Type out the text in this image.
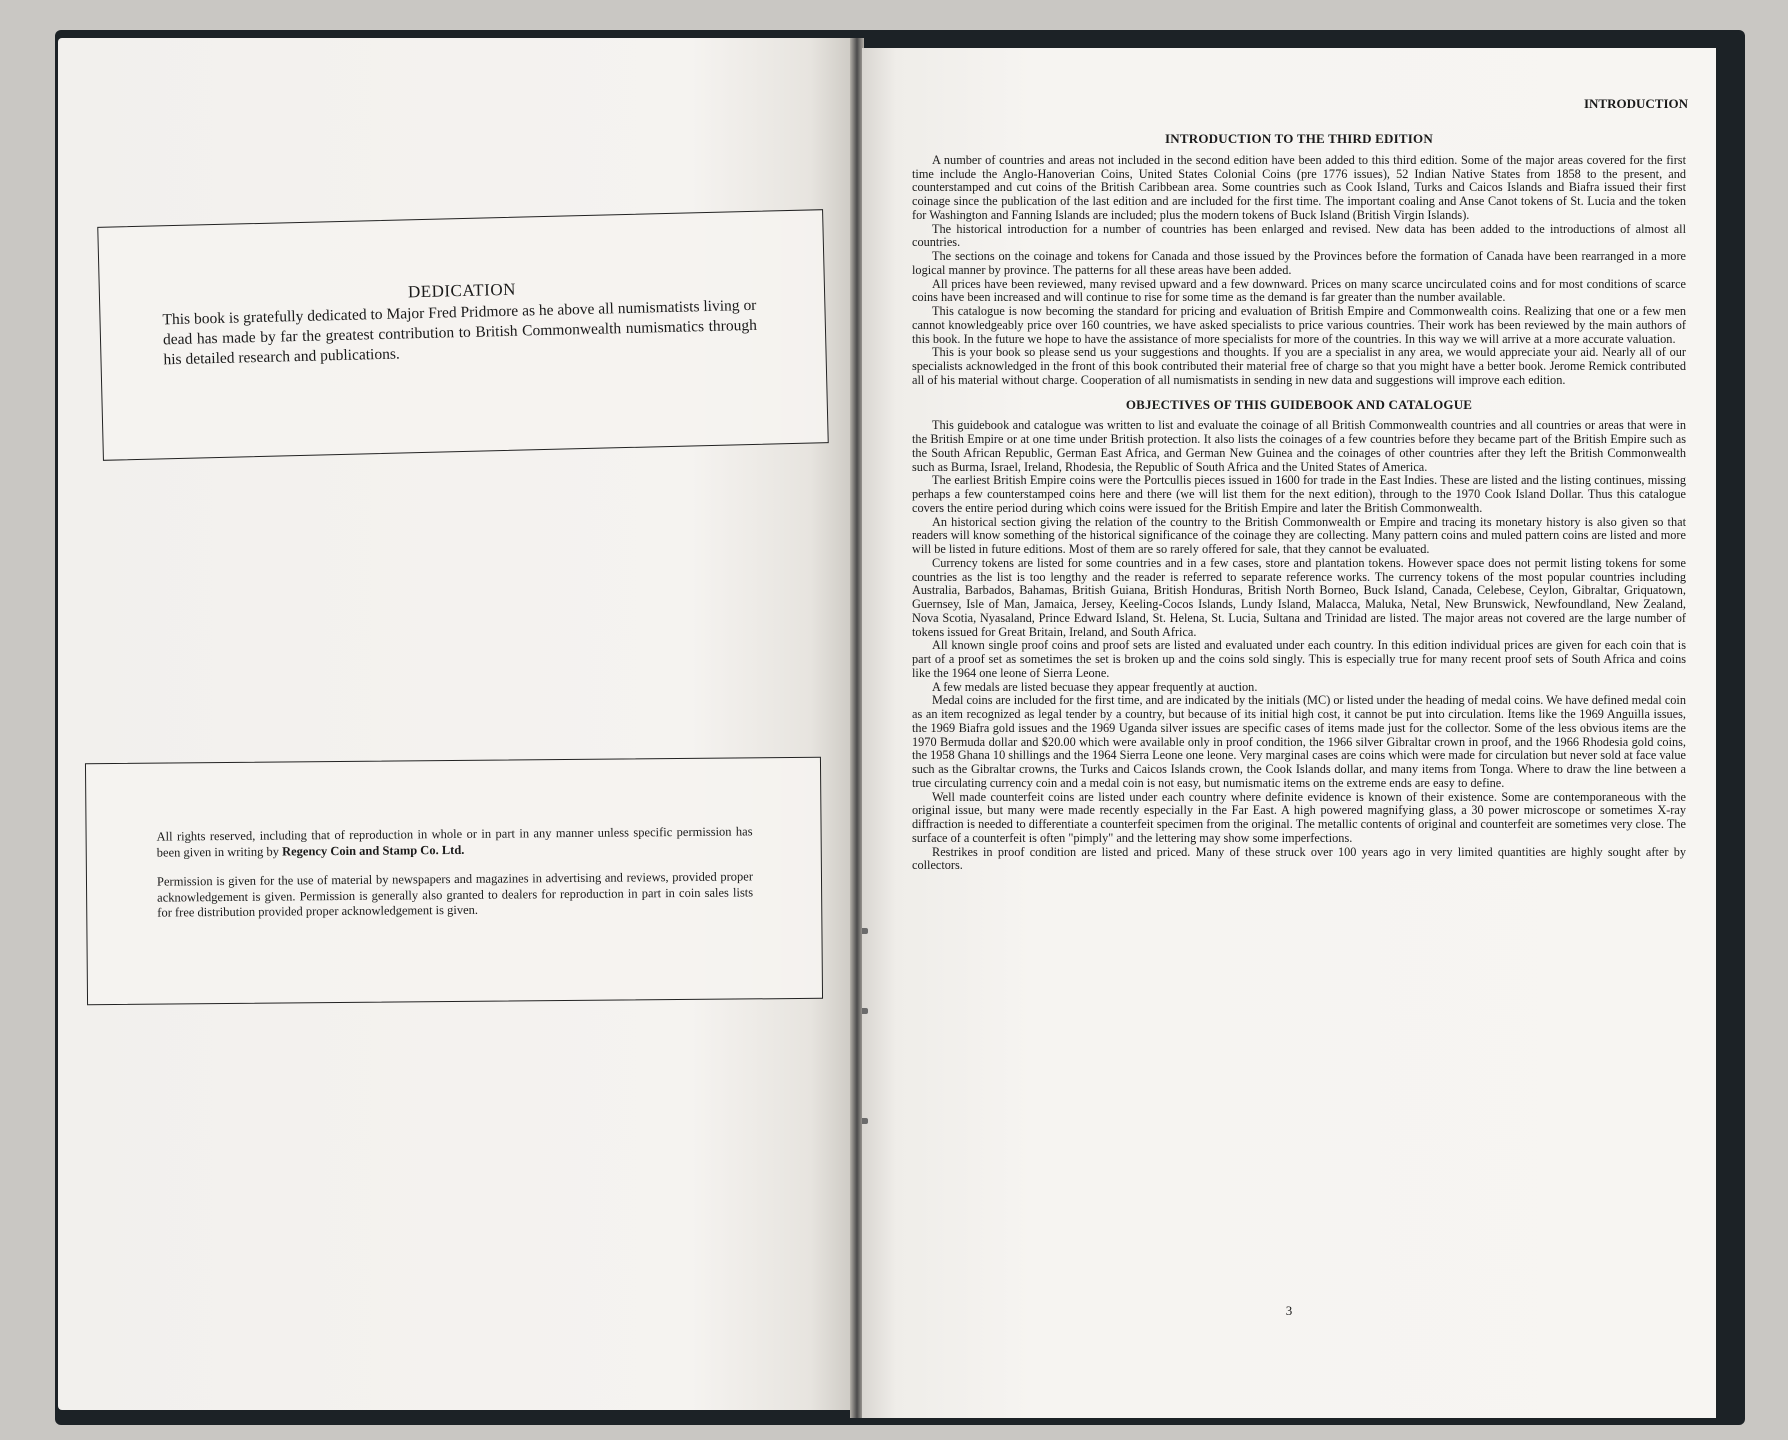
DEDICATION
This book is gratefully dedicated to Major Fred Pridmore as he above all numismatists living or dead has made by far the greatest contribution to British Commonwealth numismatics through his detailed research and publications.

All rights reserved, including that of reproduction in whole or in part in any manner unless specific permission has been given in writing by Regency Coin and Stamp Co. Ltd.

Permission is given for the use of material by newspapers and magazines in advertising and reviews, provided proper acknowledgement is given. Permission is generally also granted to dealers for reproduction in part in coin sales lists for free distribution provided proper acknowledgement is given.

INTRODUCTION
INTRODUCTION TO THE THIRD EDITION

A number of countries and areas not included in the second edition have been added to this third edition. Some of the major areas covered for the first time include the Anglo-Hanoverian Coins, United States Colonial Coins (pre 1776 issues), 52 Indian Native States from 1858 to the present, and counterstamped and cut coins of the British Caribbean area. Some countries such as Cook Island, Turks and Caicos Islands and Biafra issued their first coinage since the publication of the last edition and are included for the first time. The important coaling and Anse Canot tokens of St. Lucia and the token for Washington and Fanning Islands are included; plus the modern tokens of Buck Island (British Virgin Islands).

The historical introduction for a number of countries has been enlarged and revised. New data has been added to the introductions of almost all countries.

The sections on the coinage and tokens for Canada and those issued by the Provinces before the formation of Canada have been rearranged in a more logical manner by province. The patterns for all these areas have been added.

All prices have been reviewed, many revised upward and a few downward. Prices on many scarce uncirculated coins and for most conditions of scarce coins have been increased and will continue to rise for some time as the demand is far greater than the number available.

This catalogue is now becoming the standard for pricing and evaluation of British Empire and Commonwealth coins. Realizing that one or a few men cannot knowledgeably price over 160 countries, we have asked specialists to price various countries. Their work has been reviewed by the main authors of this book. In the future we hope to have the assistance of more specialists for more of the countries. In this way we will arrive at a more accurate valuation.

This is your book so please send us your suggestions and thoughts. If you are a specialist in any area, we would appreciate your aid. Nearly all of our specialists acknowledged in the front of this book contributed their material free of charge so that you might have a better book. Jerome Remick contributed all of his material without charge. Cooperation of all numismatists in sending in new data and suggestions will improve each edition.

OBJECTIVES OF THIS GUIDEBOOK AND CATALOGUE

This guidebook and catalogue was written to list and evaluate the coinage of all British Commonwealth countries and all countries or areas that were in the British Empire or at one time under British protection. It also lists the coinages of a few countries before they became part of the British Empire such as the South African Republic, German East Africa, and German New Guinea and the coinages of other countries after they left the British Commonwealth such as Burma, Israel, Ireland, Rhodesia, the Republic of South Africa and the United States of America.

The earliest British Empire coins were the Portcullis pieces issued in 1600 for trade in the East Indies. These are listed and the listing continues, missing perhaps a few counterstamped coins here and there (we will list them for the next edition), through to the 1970 Cook Island Dollar. Thus this catalogue covers the entire period during which coins were issued for the British Empire and later the British Commonwealth.

An historical section giving the relation of the country to the British Commonwealth or Empire and tracing its monetary history is also given so that readers will know something of the historical significance of the coinage they are collecting. Many pattern coins and muled pattern coins are listed and more will be listed in future editions. Most of them are so rarely offered for sale, that they cannot be evaluated.

Currency tokens are listed for some countries and in a few cases, store and plantation tokens. However space does not permit listing tokens for some countries as the list is too lengthy and the reader is referred to separate reference works. The currency tokens of the most popular countries including Australia, Barbados, Bahamas, British Guiana, British Honduras, British North Borneo, Buck Island, Canada, Celebese, Ceylon, Gibraltar, Griquatown, Guernsey, Isle of Man, Jamaica, Jersey, Keeling-Cocos Islands, Lundy Island, Malacca, Maluka, Netal, New Brunswick, Newfoundland, New Zealand, Nova Scotia, Nyasaland, Prince Edward Island, St. Helena, St. Lucia, Sultana and Trinidad are listed. The major areas not covered are the large number of tokens issued for Great Britain, Ireland, and South Africa.

All known single proof coins and proof sets are listed and evaluated under each country. In this edition individual prices are given for each coin that is part of a proof set as sometimes the set is broken up and the coins sold singly. This is especially true for many recent proof sets of South Africa and coins like the 1964 one leone of Sierra Leone.

A few medals are listed becuase they appear frequently at auction.

Medal coins are included for the first time, and are indicated by the initials (MC) or listed under the heading of medal coins. We have defined medal coin as an item recognized as legal tender by a country, but because of its initial high cost, it cannot be put into circulation. Items like the 1969 Anguilla issues, the 1969 Biafra gold issues and the 1969 Uganda silver issues are specific cases of items made just for the collector. Some of the less obvious items are the 1970 Bermuda dollar and $20.00 which were available only in proof condition, the 1966 silver Gibraltar crown in proof, and the 1966 Rhodesia gold coins, the 1958 Ghana 10 shillings and the 1964 Sierra Leone one leone. Very marginal cases are coins which were made for circulation but never sold at face value such as the Gibraltar crowns, the Turks and Caicos Islands crown, the Cook Islands dollar, and many items from Tonga. Where to draw the line between a true circulating currency coin and a medal coin is not easy, but numismatic items on the extreme ends are easy to define.

Well made counterfeit coins are listed under each country where definite evidence is known of their existence. Some are contemporaneous with the original issue, but many were made recently especially in the Far East. A high powered magnifying glass, a 30 power microscope or sometimes X-ray diffraction is needed to differentiate a counterfeit specimen from the original. The metallic contents of original and counterfeit are sometimes very close. The surface of a counterfeit is often "pimply" and the lettering may show some imperfections.

Restrikes in proof condition are listed and priced. Many of these struck over 100 years ago in very limited quantities are highly sought after by collectors.

3
